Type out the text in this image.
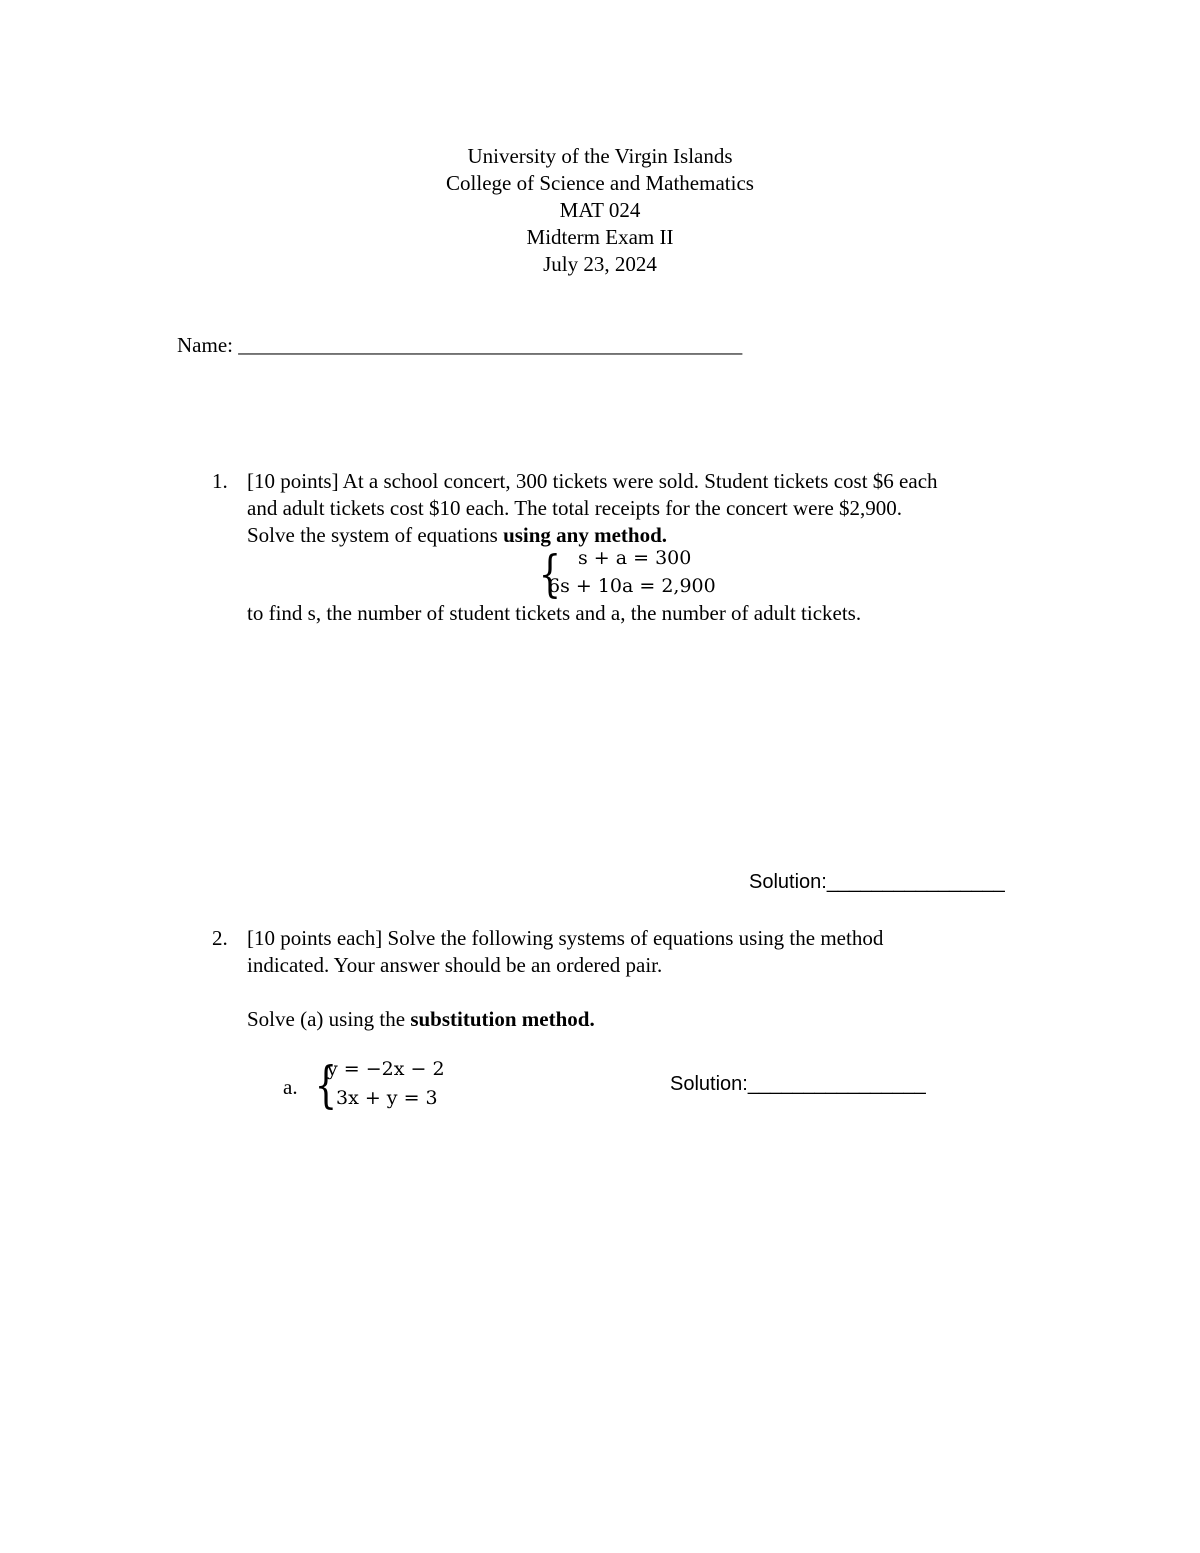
University of the Virgin Islands
College of Science and Mathematics
MAT 024
Midterm Exam II
July 23, 2024
Name: ________________________________________________
1. [10 points] At a school concert, 300 tickets were sold. Student tickets cost $6 each
and adult tickets cost $10 each. The total receipts for the concert were $2,900.
Solve the system of equations using any method.
{ s + a = 300
6s + 10a = 2,900
to find s, the number of student tickets and a, the number of adult tickets.
Solution:________________
2. [10 points each] Solve the following systems of equations using the method
indicated. Your answer should be an ordered pair.
Solve (a) using the substitution method.
a. {
y = −2x − 2
3x + y = 3
Solution:________________
